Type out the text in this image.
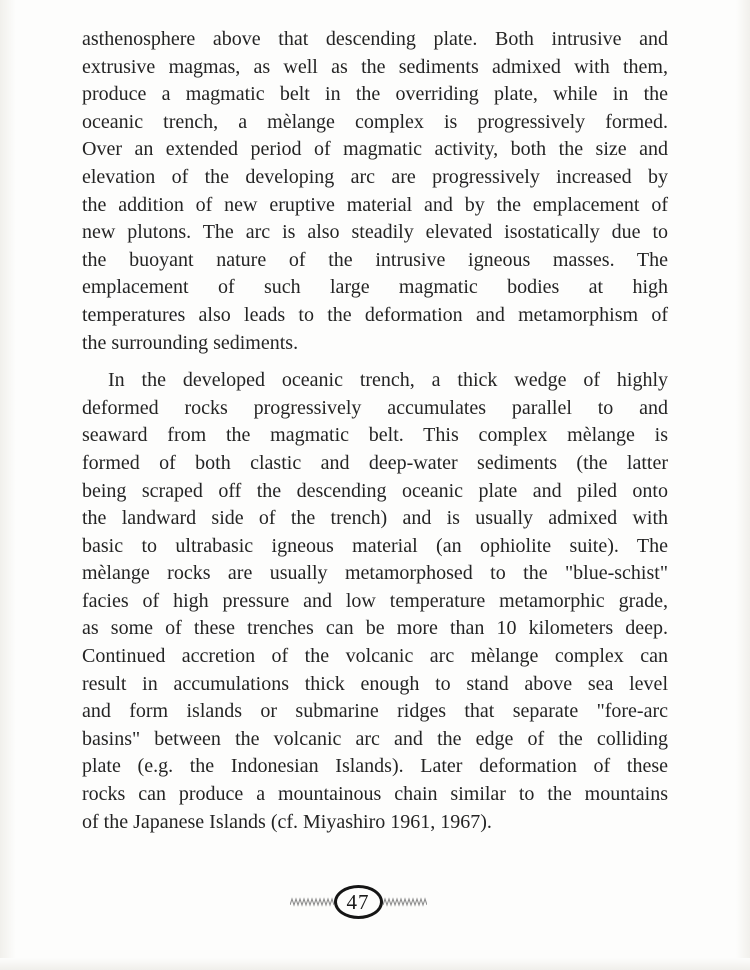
asthenosphere above that descending plate. Both intrusive and
extrusive magmas, as well as the sediments admixed with them,
produce a magmatic belt in the overriding plate, while in the
oceanic trench, a mèlange complex is progressively formed.
Over an extended period of magmatic activity, both the size and
elevation of the developing arc are progressively increased by
the addition of new eruptive material and by the emplacement of
new plutons. The arc is also steadily elevated isostatically due to
the buoyant nature of the intrusive igneous masses. The
emplacement of such large magmatic bodies at high
temperatures also leads to the deformation and metamorphism of
the surrounding sediments.
In the developed oceanic trench, a thick wedge of highly
deformed rocks progressively accumulates parallel to and
seaward from the magmatic belt. This complex mèlange is
formed of both clastic and deep-water sediments (the latter
being scraped off the descending oceanic plate and piled onto
the landward side of the trench) and is usually admixed with
basic to ultrabasic igneous material (an ophiolite suite). The
mèlange rocks are usually metamorphosed to the "blue-schist"
facies of high pressure and low temperature metamorphic grade,
as some of these trenches can be more than 10 kilometers deep.
Continued accretion of the volcanic arc mèlange complex can
result in accumulations thick enough to stand above sea level
and form islands or submarine ridges that separate "fore-arc
basins" between the volcanic arc and the edge of the colliding
plate (e.g. the Indonesian Islands). Later deformation of these
rocks can produce a mountainous chain similar to the mountains
of the Japanese Islands (cf. Miyashiro 1961, 1967).
47
